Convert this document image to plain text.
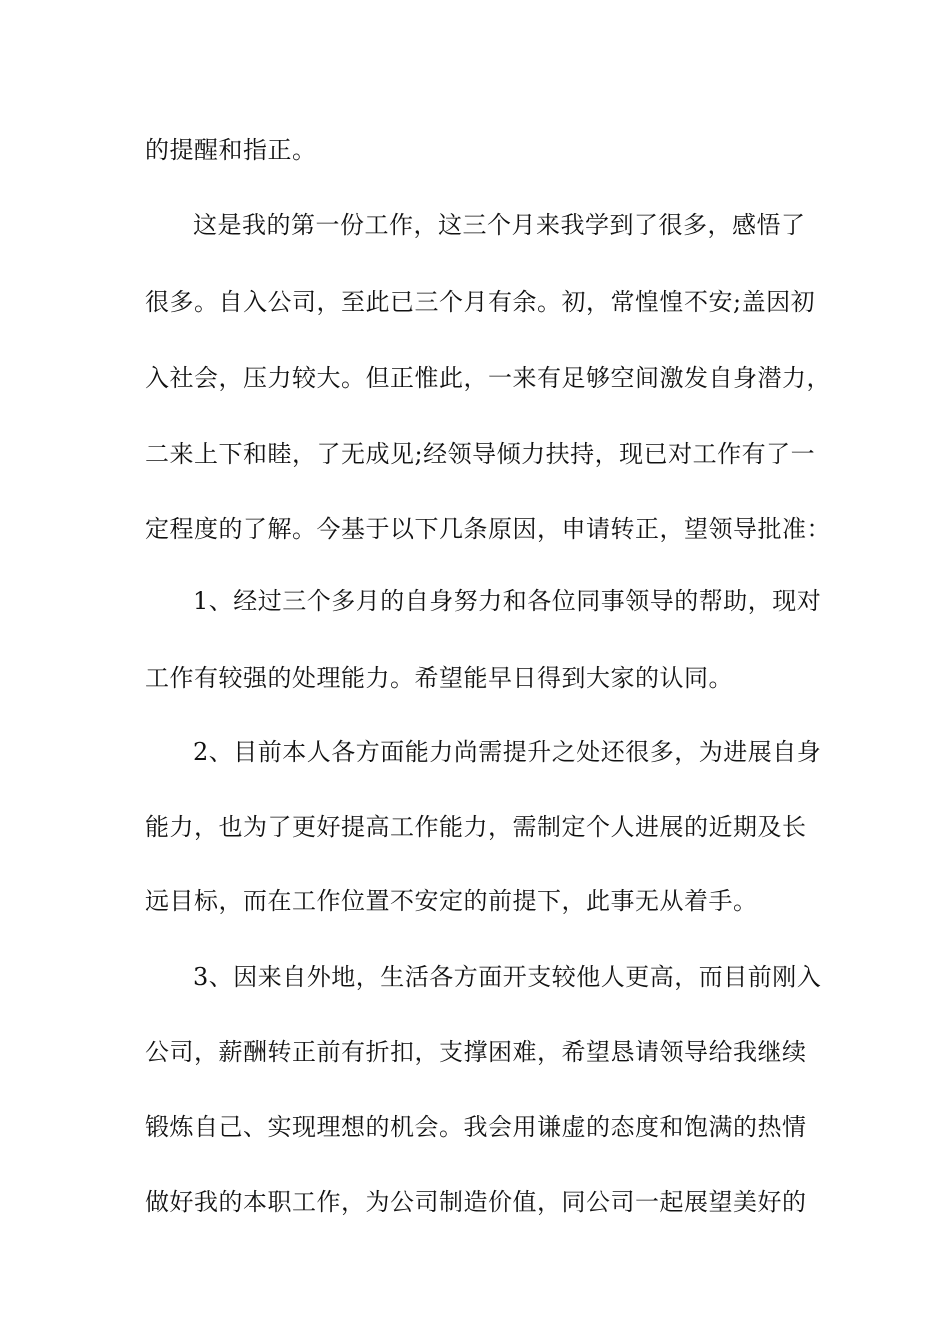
的提醒和指正。
这是我的第一份工作，这三个月来我学到了很多，感悟了
很多。自入公司，至此已三个月有余。初，常惶惶不安;盖因初
入社会，压力较大。但正惟此，一来有足够空间激发自身潜力，
二来上下和睦，了无成见;经领导倾力扶持，现已对工作有了一
定程度的了解。今基于以下几条原因，申请转正，望领导批准：
1、经过三个多月的自身努力和各位同事领导的帮助，现对
工作有较强的处理能力。希望能早日得到大家的认同。
2、目前本人各方面能力尚需提升之处还很多，为进展自身
能力，也为了更好提高工作能力，需制定个人进展的近期及长
远目标，而在工作位置不安定的前提下，此事无从着手。
3、因来自外地，生活各方面开支较他人更高，而目前刚入
公司，薪酬转正前有折扣，支撑困难，希望恳请领导给我继续
锻炼自己、实现理想的机会。我会用谦虚的态度和饱满的热情
做好我的本职工作，为公司制造价值，同公司一起展望美好的
